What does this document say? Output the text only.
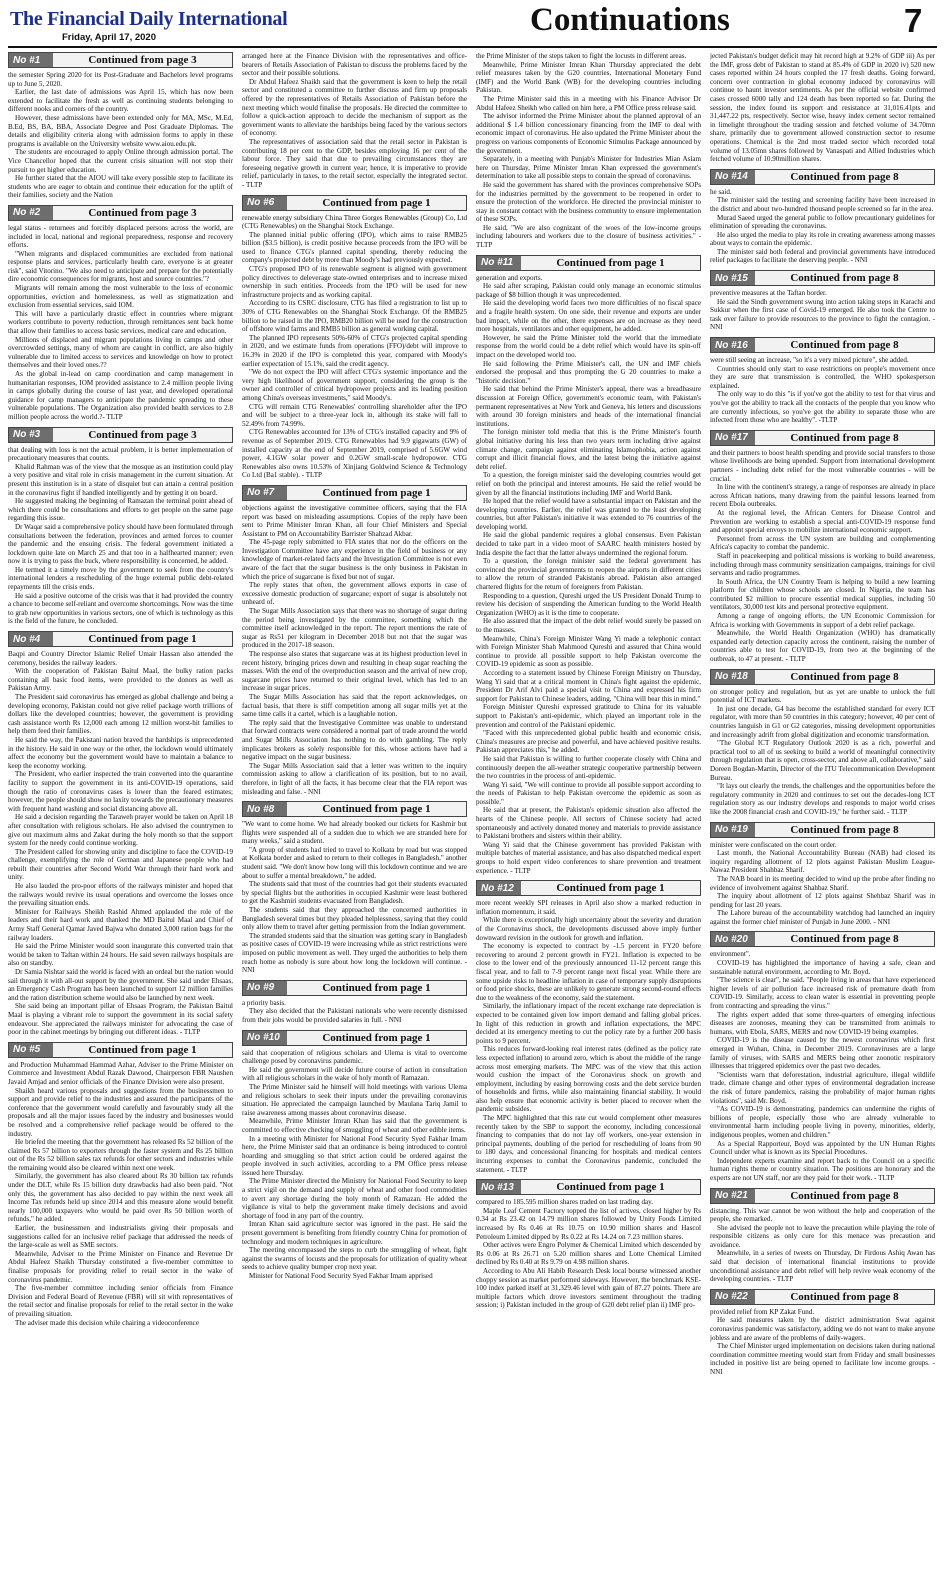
The Financial Daily International
Friday, April 17, 2020	Continuations	7
No #1	Continued from page 3

the semester Spring 2020 for its Post-Graduate and Bachelors level programs up to June 5, 2020.

Earlier, the last date of admissions was April 15, which has now been extended to facilitate the fresh as well as continuing students belonging to different nooks and corners of the country.

However, these admissions have been extended only for MA, MSc, M.Ed, B.Ed, BS, BA, BBA, Associate Degree and Post Graduate Diplomas. The details and eligibility criteria along with admission forms to apply in these programs is available on the University website www.aiou.edu.pk.

The students are encouraged to apply Online through admission portal. The Vice Chancellor hoped that the current crisis situation will not stop their pursuit to get higher education.

He further stated that the AIOU will take every possible step to facilitate its students who are eager to obtain and continue their education for the uplift of their families, society and the Nation

No #2	Continued from page 3

legal status - returnees and forcibly displaced persons across the world, are included in local, national and regional preparedness, response and recovery efforts.

"When migrants and displaced communities are excluded from national response plans and services, particularly health care, everyone is at greater risk", said Vitorino. "We also need to anticipate and prepare for the potentially dire economic consequences for migrants, host and source countries."?

Migrants will remain among the most vulnerable to the loss of economic opportunities, eviction and homelessness, as well as stigmatization and exclusion from essential services, said IOM.

This will have a particularly drastic effect in countries where migrant workers contribute to poverty reduction, through remittances sent back home that allow their families to access basic services, medical care and education.

Millions of displaced and migrant populations living in camps and other overcrowded settings, many of whom are caught in conflict, are also highly vulnerable due to limited access to services and knowledge on how to protect themselves and their loved ones.??

As the global in-lead on camp coordination and camp management in humanitarian responses, IOM provided assistance to 2.4 million people living in camps globally during the course of last year, and developed operational guidance for camp managers to anticipate the pandemic spreading to these vulnerable populations. The Organization also provided health services to 2.8 million people across the world.?- TLTP

No #3	Continued from page 3

that dealing with loss is not the actual problem, it is better implementation of precautionary measures that counts.

Khalid Rahman was of the view that the mosque as an institution could play a very positive and vital role in crisis management in the current situation. At present this institution is in a state of disquiet but can attain a central position in the coronavirus fight if handled intelligently and by getting it on board.

He suggested making the beginning of Ramazan the terminal point ahead of which there could be consultations and efforts to get people on the same page regarding this issue.

Dr Waqar said a comprehensive policy should have been formulated through consultations between the federation, provinces and armed forces to counter the pandemic and the ensuing crisis. The federal government initiated a lockdown quite late on March 25 and that too in a halfhearted manner; even now it is trying to pass the buck, where responsibility is concerned, he added.

He termed it a timely move by the government to seek from the country's international lenders a rescheduling of the huge external public debt-related repayments till the crisis ends.

He said a positive outcome of the crisis was that it had provided the country a chance to become self-reliant and overcome shortcomings. Now was the time to grab new opportunities in various sectors, one of which is technology as this is the field of the future, he concluded.

No #4	Continued from page 1

Baqpi and Country Director Islamic Relief Umair Hassan also attended the ceremony, besides the railway leaders.

With the cooperation of Pakistan Baitul Maal, the bulky ration packs containing all basic food items, were provided to the donors as well as Pakistan Army.

The President said coronavirus has emerged as global challenge and being a developing economy, Pakistan could not give relief package worth trillions of dollars like the developed countries; however, the government is providing cash assistance worth Rs 12,000 each among 12 million worst-hit families to help them feed their families.

He said the way, the Pakistani nation braved the hardships is unprecedented in the history. He said in one way or the other, the lockdown would ultimately affect the economy but the government would have to maintain a balance to keep the economy working.

The President, who earlier inspected the train converted into the quarantine facility to support the government in its anti-COVID-19 operations, said though the ratio of coronavirus cases is lower than the feared estimates; however, the people should show no laxity towards the precautionary measures with frequent hand washing and social distancing above all.

He said a decision regarding the Taraweh prayer would be taken on April 18 after consultation with religious scholars. He also advised the countrymen to give out maximum alms and Zakat during the holy month so that the support system for the needy could continue working.

The President called for showing unity and discipline to face the COVID-19 challenge, exemplifying the role of German and Japanese people who had rebuilt their countries after Second World War through their hard work and unity.

He also lauded the pro-poor efforts of the railways minister and hoped that the railways would revive its usual operations and overcome the losses once the prevailing situation ends.

Minister for Railways Sheikh Rashid Ahmed applauded the role of the leaders and their hard work and thanked the MD Baitul Maal and Chief of Army Staff General Qamar Javed Bajwa who donated 3,000 ration bags for the railway loaders.

He said the Prime Minister would soon inaugurate this converted train that would be taken to Taftan within 24 hours. He said seven railways hospitals are also on standby.

Dr Samia Nishtar said the world is faced with an ordeal but the nation would sail through it with all-out support by the government. She said under Ehsaas, an Emergency Cash Program has been launched to support 12 million families and the ration distribution scheme would also be launched by next week.

She said being an important pillar of Ehsaas Program, the Pakistan Baitul Maal is playing a vibrant role to support the government in its social safety endeavour. She appreciated the railways minister for advocating the case of poor in the cabinet meetings by bringing out different ideas. - TLTP

No #5	Continued from page 1

and Production Muhammad Hammad Azhar, Adviser to the Prime Minister on Commerce and Investment Abdul Razak Dawood, Chairperson FBR Naushen Javaid Amjad and senior officials of the Finance Division were also present.

Shaikh heard various proposals and suggestions from the businessmen to support and provide relief to the industries and assured the participants of the conference that the government would carefully and favourably study all the proposals and all the major issues faced by the industry and businesses would be resolved and a comprehensive relief package would be offered to the industry.

He briefed the meeting that the government has released Rs 52 billion of the claimed Rs 57 billion to exporters through the faster system and Rs 25 billion out of the Rs 52 billion sales tax refunds for other sectors and industries while the remaining would also be cleared within next one week.

Similarly, the government has also cleared about Rs 30 billion tax refunds under the DLT, while Rs 15 billion duty drawbacks had also been paid. "Not only this, the government has also decided to pay within the next week all Income Tax refunds held up since 2014 and this measure alone would benefit nearly 100,000 taxpayers who would be paid over Rs 50 billion worth of refunds," he added.

Earlier, the businessmen and industrialists giving their proposals and suggestions called for an inclusive relief package that addressed the needs of the large-scale as well as SME sectors.

Meanwhile, Adviser to the Prime Minister on Finance and Revenue Dr Abdul Hafeez Shaikh Thursday constituted a five-member committee to finalise proposals for providing relief to retail sector in the wake of coronavirus pandemic.

The five-member committee including senior officials from Finance Division and Federal Board of Revenue (FBR) will sit with representatives of the retail sector and finalise proposals for relief to the retail sector in the wake of prevailing situation.

The adviser made this decision while chairing a videoconference

arranged here at the Finance Division with the representatives and office-bearers of Retails Association of Pakistan to discuss the problems faced by the sector and their possible solutions.

Dr Abdul Hafeez Shaikh said that the government is keen to help the retail sector and constituted a committee to further discuss and firm up proposals offered by the representatives of Retails Association of Pakistan before the next meeting which would finalise the proposals. He directed the committee to follow a quick-action approach to decide the mechanism of support as the government wants to alleviate the hardships being faced by the various sectors of economy.

The representatives of association said that the retail sector in Pakistan is contributing 18 per cent to the GDP, besides employing 16 per cent of the labour force. They said that due to prevailing circumstances they are foreseeing negative growth in current year; hence, it is imperative to provide relief, particularly in taxes, to the retail sector, especially the integrated sector. - TLTP

No #6	Continued from page 1

renewable energy subsidiary China Three Gorges Renewables (Group) Co, Ltd (CTG Renewables) on the Shanghai Stock Exchange.

The planned initial public offering (IPO), which aims to raise RMB25 billion ($3.5 billion), is credit positive because proceeds from the IPO will be used to finance CTG's planned capital spending, thereby reducing the company's projected debt by more than Moody's had previously expected.

CTG's proposed IPO of its renewable segment is aligned with government policy directives to deleverage state-owned enterprises and to increase mixed ownership in such entities. Proceeds from the IPO will be used for new infrastructure projects and as working capital.

According to its CSRC disclosure, CTG has filed a registration to list up to 30% of CTG Renewables on the Shanghai Stock Exchange. Of the RMB25 billion to be raised in the IPO, RMB20 billion will be used for the construction of offshore wind farms and RMB5 billion as general working capital.

The planned IPO represents 50%-60% of CTG's projected capital spending in 2020, and we estimate funds from operations (FFO)/debt will improve to 16.3% in 2020 if the IPO is completed this year, compared with Moody's earlier expectation of 15.1%, said the credit agency.

"We do not expect the IPO will affect CTG's systemic importance and the very high likelihood of government support, considering the group is the owner and controller of critical hydropower projects and its leading position among China's overseas investments," said Moody's.

CTG will remain CTG Renewables' controlling shareholder after the IPO and will be subject to a three-year lock in, although its stake will fall to 52.49% from 74.99%.

CTG Renewables accounted for 13% of CTG's installed capacity and 9% of revenue as of September 2019. CTG Renewables had 9.9 gigawatts (GW) of installed capacity at the end of September 2019, comprised of 5.6GW wind power, 4.1GW solar power and 0.2GW small-scale hydropower. CTG Renewables also owns 10.53% of Xinjiang Goldwind Science & Technology Co Ltd (Ba1 stable). - TLTP

No #7	Continued from page 1

objections against the investigative committee officers, saying that the FIA report was based on misleading assumptions. Copies of the reply have been sent to Prime Minister Imran Khan, all four Chief Ministers and Special Assistant to PM on Accountability Barrister Shahzad Akbar.

The 45-page reply submitted to FIA states that nor do the officers on the Investigation Committee have any experience in the field of business or any knowledge of market-related facts and the Investigation Committee is not even aware of the fact that the sugar business is the only business in Pakistan in which the price of sugarcane is fixed but not of sugar.

The reply states that often, the government allows exports in case of excessive domestic production of sugarcane; export of sugar is absolutely not unheard of.

The Sugar Mills Association says that there was no shortage of sugar during the period being investigated by the committee, something which the committee itself acknowledged in the report. The report mentions the rate of sugar as Rs51 per kilogram in December 2018 but not that the sugar was produced in the 2017-18 season.

The response also states that sugarcane was at its highest production level in recent history, bringing prices down and resulting in cheap sugar reaching the masses. With the end of the overproduction season and the arrival of new crop, sugarcane prices have returned to their original level, which has led to an increase in sugar prices.

The Sugar Mills Association has said that the report acknowledges, on factual basis, that there is stiff competition among all sugar mills yet at the same time calls it a cartel, which is a laughable notion.

The reply said that the Investigative Committee was unable to understand that forward contracts were considered a normal part of trade around the world and Sugar Mills Association has nothing to do with gambling. The reply implicates brokers as solely responsible for this, whose actions have had a negative impact on the sugar business.

The Sugar Mills Association said that a letter was written to the inquiry commission asking to allow a clarification of its position, but to no avail, therefore, in light of all the facts, it has become clear that the FIA report was misleading and false. - NNI

No #8	Continued from page 1

"We want to come home. We had already booked our tickets for Kashmir but flights were suspended all of a sudden due to which we are stranded here for many weeks," said a student.

"A group of students had tried to travel to Kolkata by road but was stopped at Kolkata border and asked to return to their colleges in Bangladesh," another student said. "We don't know how long will this lockdown continue and we are about to suffer a mental breakdown," he added.

The students said that most of the countries had got their students evacuated by special flights but the authorities in occupied Kashmir were least bothered to get the Kashmiri students evacuated from Bangladesh.

The students said that they approached the concerned authorities in Bangladesh several times but they pleaded helplessness, saying that they could only allow them to travel after getting permission from the Indian government.

The stranded students said that the situation was getting scary in Bangladesh as positive cases of COVID-19 were increasing while as strict restrictions were imposed on public movement as well. They urged the authorities to help them reach home as nobody is sure about how long the lockdown will continue. - NNI

No #9	Continued from page 1

a priority basis.

They also decided that the Pakistani nationals who were recently dismissed from their jobs would be provided salaries in full. - NNI

No #10	Continued from page 1

said that cooperation of religious scholars and Ulema is vital to overcome challenge posed by coronavirus pandemic.

He said the government will decide future course of action in consultation with all religious scholars in the wake of holy month of Ramazan.

The Prime Minister said he himself will hold meetings with various Ulema and religious scholars to seek their inputs under the prevailing coronavirus situation. He appreciated the campaign launched by Maulana Tariq Jamil to raise awareness among masses about coronavirus disease.

Meanwhile, Prime Minister Imran Khan has said that the government is committed to effective checking of smuggling of wheat and other edible items.

In a meeting with Minister for National Food Security Syed Fakhar Imam here, the Prime Minister said that an ordinance is being introduced to control hoarding and smuggling so that strict action could be ordered against the people involved in such activities, according to a PM Office press release issued here Thursday.

The Prime Minister directed the Ministry for National Food Security to keep a strict vigil on the demand and supply of wheat and other food commodities to avert any shortage during the holy month of Ramazan. He added the vigilance is vital to help the government make timely decisions and avoid shortage of food in any part of the country.

Imran Khan said agriculture sector was ignored in the past. He said the present government is benefiting from friendly country China for promotion of technology and modern techniques in agriculture.

The meeting encompassed the steps to curb the smuggling of wheat, fight against the swarms of locusts and the proposals for utilization of quality wheat seeds to achieve quality bumper crop next year.

Minister for National Food Security Syed Fakhar Imam apprised

the Prime Minister of the steps taken to fight the locusts in different areas.

Meanwhile, Prime Minister Imran Khan Thursday appreciated the debt relief measures taken by the G20 countries, International Monetary Fund (IMF) and the World Bank (WB) for the developing countries including Pakistan.

The Prime Minister said this in a meeting with his Finance Advisor Dr Abdul Hafeez Sheikh who called on him here, a PM Office press release said.

The advisor informed the Prime Minister about the planned approval of an additional $ 1.4 billion concessionary financing from the IMF to deal with economic impact of coronavirus. He also updated the Prime Minister about the progress on various components of Economic Stimulus Package announced by the government.

Separately, in a meeting with Punjab's Minister for Industries Mian Aslam here on Thursday, Prime Minister Imran Khan expressed the government's determination to take all possible steps to contain the spread of coronavirus.

He said the government has shared with the provinces comprehensive SOPs for the industries permitted by the government to be reopened in order to ensure the protection of the workforce. He directed the provincial minister to stay in constant contact with the business community to ensure implementation of these SOPs.

He said, "We are also cognizant of the woes of the low-income groups including labourers and workers due to the closure of business activities." - TLTP

No #11	Continued from page 1

generation and exports.

He said after scraping, Pakistan could only manage an economic stimulus package of $8 billion though it was unprecedented.

He said the developing world faces two more difficulties of no fiscal space and a fragile health system. On one side, their revenue and exports are under bad impact, while on the other, there expenses are on increase as they need more hospitals, ventilators and other equipment, he added.

However, he said the Prime Minister told the world that the immediate response from the world could be a debt relief which would have its spin-off impact on the developed world too.

He said following the Prime Minister's call, the UN and IMF chiefs endorsed the proposal and thus prompting the G 20 countries to make a "historic decision."

He said that behind the Prime Minister's appeal, there was a breadbasure discussion at Foreign Office, government's economic team, with Pakistan's permanent representatives at New York and Geneva, his letters and discussions with around 30 foreign ministers and heads of the international financial institutions.

The foreign minister told media that this is the Prime Minister's fourth global initiative during his less than two years term including drive against climate change, campaign against eliminating Islamophobia, action against corrupt and illicit financial flows, and the latest being the initiative against debt relief.

To a question, the foreign minister said the developing countries would get relief on both the principal and interest amounts. He said the relief would be given by all the financial institutions including IMF and World Bank.

He hoped that the relief would have a substantial impact on Pakistan and the developing countries. Earlier, the relief was granted to the least developing countries, but after Pakistan's initiative it was extended to 76 countries of the developing world.

He said the global pandemic requires a global consensus. Even Pakistan decided to take part in a video moot of SAARC health ministers hosted by India despite the fact that the latter always undermined the regional forum.

To a question, the foreign minister said the federal government has convinced the provincial governments to reopen the airports in different cities to allow the return of stranded Pakistanis abroad. Pakistan also arranged chartered flights for the return of foreigners from Pakistan.

Responding to a question, Qureshi urged the US President Donald Trump to review his decision of suspending the American funding to the World Health Organization (WHO) as it is the time to cooperate.

He also assured that the impact of the debt relief would surely be passed on to the masses.

Meanwhile, China's Foreign Minister Wang Yi made a telephonic contact with Foreign Minister Shah Mahmood Qureshi and assured that China would continue to provide all possible support to help Pakistan overcome the COVID-19 epidemic as soon as possible.

According to a statement issued by Chinese Foreign Ministry on Thursday, Wang Yi said that at a critical moment in China's fight against the epidemic, President Dr Arif Alvi paid a special visit to China and expressed his firm support for Pakistan to Chinese leaders, adding, "China will bear this in mind."

Foreign Minister Qureshi expressed gratitude to China for its valuable support to Pakistan's anti-epidemic, which played an important role in the prevention and control of the Pakistani epidemic.

"Faced with this unprecedented global public health and economic crisis, China's measures are precise and powerful, and have achieved positive results. Pakistan appreciates this," he added.

He said that Pakistan is willing to further cooperate closely with China and continuously deepen the all-weather strategic cooperative partnership between the two countries in the process of anti-epidemic.

Wang Yi said, "We will continue to provide all possible support according to the needs of Pakistan to help Pakistan overcome the epidemic as soon as possible."

He said that at present, the Pakistan's epidemic situation also affected the hearts of the Chinese people. All sectors of Chinese society had acted spontaneously and actively donated money and materials to provide assistance to Pakistani brothers and sisters within their ability.

Wang Yi said that the Chinese government has provided Pakistan with multiple batches of material assistance, and has also dispatched medical expert groups to hold expert video conferences to share prevention and treatment experience. - TLTP

No #12	Continued from page 1

more recent weekly SPI releases in April also show a marked reduction in inflation momentum, it said.

While there is exceptionally high uncertainty about the severity and duration of the Coronavirus shock, the developments discussed above imply further downward revision in the outlook for growth and inflation.

The economy is expected to contract by -1.5 percent in FY20 before recovering to around 2 percent growth in FY21. Inflation is expected to be close to the lower end of the previously announced 11-12 percent range this fiscal year, and to fall to 7-9 percent range next fiscal year. While there are some upside risks to headline inflation in case of temporary supply disruptions or food price shocks, these are unlikely to generate strong second-round effects due to the weakness of the economy, said the statement.

Similarly, the inflationary impact of the recent exchange rate depreciation is expected to be contained given low import demand and falling global prices. In light of this reduction in growth and inflation expectations, the MPC decided at its emergency meeting to cut the policy rate by a further 200 basis points to 9 percent.

This reduces forward-looking real interest rates (defined as the policy rate less expected inflation) to around zero, which is about the middle of the range across most emerging markets. The MPC was of the view that this action would cushion the impact of the Coronavirus shock on growth and employment, including by easing borrowing costs and the debt service burden of households and firms, while also maintaining financial stability. It would also help ensure that economic activity is better placed to recover when the pandemic subsides.

The MPC highlighted that this rate cut would complement other measures recently taken by the SBP to support the economy, including concessional financing to companies that do not lay off workers, one-year extension in principal payments, doubling of the period for rescheduling of loans from 90 to 180 days, and concessional financing for hospitals and medical centers incurring expenses to combat the Coronavirus pandemic, concluded the statement. - TLTP

No #13	Continued from page 1

compared to 185.595 million shares traded on last trading day.

Maple Leaf Cement Factory topped the list of actives, closed higher by Rs 0.34 at Rs 23.42 on 14.79 million shares followed by Unity Foods Limited increased by Rs 0.46 at Rs 10.75 on 10.90 million shares and Hascol Petroleum Limited dipped by Rs 0.22 at Rs 14.24 on 7.23 million shares.

Other actives were Engro Polymer & Chemical Limited which descended by Rs 0.06 at Rs 26.71 on 5.20 million shares and Lotte Chemical Limited declined by Rs 0.40 at Rs 9.79 on 4.98 million shares.

According to Abu Ali Habib Research Desk local bourse witnessed another choppy session as market performed sideways. However, the benchmark KSE-100 index parked itself at 31,329.46 level with gain of 87.27 points. There are multiple factors which drove investors sentiment throughout the trading session; i) Pakistan included in the group of G20 debt relief plan ii) IMF pro-

jected Pakistan's budget deficit may hit record high at 9.2% of GDP iii) As per the IMF, gross debt of Pakistan to stand at 85.4% of GDP in 2020 iv) 520 new cases reported within 24 hours coupled the 17 fresh deaths. Going forward, concern over contraction in global economy induced by coronavirus will continue to haunt investor sentiments. As per the official website confirmed cases crossed 6000 tally and 124 death has been reported so far. During the session, the index found its support and resistance at 31,016.41pts and 31,447.22 pts, respectively. Sector wise, heavy index cement sector remained in limelight throughout the trading session and fetched volume of 34.70mn share, primarily due to government allowed construction sector to resume operations. Chemical is the 2nd most traded sector which recorded total volume of 13.05mn shares followed by Vanaspati and Allied Industries which fetched volume of 10.90million shares.

No #14	Continued from page 8

he said.

The minister said the testing and screening facility have been increased in the district and about two-hundred thousand people screened so far in the area.

Murad Saeed urged the general public to follow precautionary guidelines for elimination of spreading the coronavirus.

He also urged the media to play its role in creating awareness among masses about ways to contain the epidemic.

The minister said both federal and provincial governments have introduced relief packages to facilitate the deserving people. - NNI

No #15	Continued from page 8

preventive measures at the Taftan border.

He said the Sindh government swung into action taking steps in Karachi and Sukkur when the first case of Covid-19 emerged. He also took the Centre to task over failure to provide resources to the province to fight the contagion. - NNI

No #16	Continued from page 8

were still seeing an increase, "so it's a very mixed picture", she added.

Countries should only start to ease restrictions on people's movement once they are sure that transmission is controlled, the WHO spokesperson explained.

The only way to do this "is if you've got the ability to test for that virus and you've got the ability to track all the contacts of the people that you know who are currently infectious, so you've got the ability to separate those who are infected from those who are healthy". -TLTP

No #17	Continued from page 8

and their partners to boost health spending and provide social transfers to those whose livelihoods are being upended. Support from international development partners - including debt relief for the most vulnerable countries - will be crucial.

In line with the continent's strategy, a range of responses are already in place across African nations, many drawing from the painful lessons learned from recent Ebola outbreaks.

At the regional level, the African Centers for Disease Control and Prevention are working to establish a special anti-COVID-19 response fund and appoint special envoys to mobilize international economic support.

Personnel from across the UN system are building and complementing Africa's capacity to combat the pandemic.

Staff in peacekeeping and political missions is working to build awareness, including through mass community sensitization campaigns, trainings for civil servants and radio programmes.

In South Africa, the UN Country Team is helping to build a new learning platform for children whose schools are closed. In Nigeria, the team has contributed $2 million to procure essential medical supplies, including 50 ventilators, 30,000 test kits and personal protective equipment.

Among a range of ongoing efforts, the UN Economic Commission for Africa is working with Governments in support of a debt relief package.

Meanwhile, the World Health Organization (WHO) has dramatically expanded early detection capacity across the continent, raising the number of countries able to test for COVID-19, from two at the beginning of the outbreak, to 47 at present. - TLTP

No #18	Continued from page 8

on stronger policy and regulation, but as yet are unable to unlock the full potential of ICT markets.

In just one decade, G4 has become the established standard for every ICT regulator, with more than 50 countries in this category; however, 40 per cent of countries languish in G1 or G2 categories, missing development opportunities and increasingly adrift from global digitization and economic transformation.

"The Global ICT Regulatory Outlook 2020 is as a rich, powerful and practical tool to all of us seeking to build a world of meaningful connectivity through regulation that is open, cross-sector, and above all, collaborative," said Doreen Bogdan-Martin, Director of the ITU Telecommunication Development Bureau.

"It lays out clearly the trends, the challenges and the opportunities before the regulatory community in 2020 and continues to set out the decades-long ICT regulation story as our industry develops and responds to major world crises like the 2008 financial crash and COVID-19," he further said. - TLTP

No #19	Continued from page 8

minister were confiscated on the court order.

Last month, the National Accountability Bureau (NAB) had closed its inquiry regarding allotment of 12 plots against Pakistan Muslim League-Nawaz President Shahbaz Sharif.

The NAB board in its meeting decided to wind up the probe after finding no evidence of involvement against Shahbaz Sharif.

The inquiry about allotment of 12 plots against Shehbaz Sharif was in pending for last 20 years.

The Lahore bureau of the accountability watchdog had launched an inquiry against the former chief minister of Punjab in June 2000. - NNI

No #20	Continued from page 8

environment".

COVID-19 has highlighted the importance of having a safe, clean and sustainable natural environment, according to Mr. Boyd.

"The science is clear", he said. "People living in areas that have experienced higher levels of air pollution face increased risk of premature death from COVID-19. Similarly, access to clean water is essential in preventing people from contracting and spreading the virus."

The rights expert added that some three-quarters of emerging infectious diseases are zoonoses, meaning they can be transmitted from animals to humans, with Ebola, SARS, MERS and now COVID-19 being examples.

COVID-19 is the disease caused by the newest coronavirus which first emerged in Wuhan, China, in December 2019. Coronaviruses are a large family of viruses, with SARS and MERS being other zoonotic respiratory illnesses that triggered epidemics over the past two decades.

"Scientists warn that deforestation, industrial agriculture, illegal wildlife trade, climate change and other types of environmental degradation increase the risk of future pandemics, raising the probability of major human rights violations", said Mr. Boyd.

"As COVID-19 is demonstrating, pandemics can undermine the rights of billions of people, especially those who are already vulnerable to environmental harm including people living in poverty, minorities, elderly, indigenous peoples, women and children."

As a Special Rapporteur, Boyd was appointed by the UN Human Rights Council under what is known as its Special Procedures.

Independent experts examine and report back to the Council on a specific human rights theme or country situation. The positions are honorary and the experts are not UN staff, nor are they paid for their work. - TLTP

No #21	Continued from page 8

distancing. This war cannot be won without the help and cooperation of the people, she remarked.

She advised the people not to leave the precaution while playing the role of responsible citizens as only cure for this menace was precaution and avoidance.

Meanwhile, in a series of tweets on Thursday, Dr Firdous Ashiq Awan has said that decision of international financial institutions to provide unconditional assistance and debt relief will help revive weak economy of the developing countries. - TLTP

No #22	Continued from page 8

provided relief from KP Zakat Fund.

He said measures taken by the district administration Swat against coronavirus pandemic was satisfactory, adding we do not want to make anyone jobless and are aware of the problems of daily-wagers.

The Chief Minister urged implementation on decisions taken during national coordination committee meeting would start from Friday and small businesses included in positive list are being opened to facilitate low income groups. - NNI
